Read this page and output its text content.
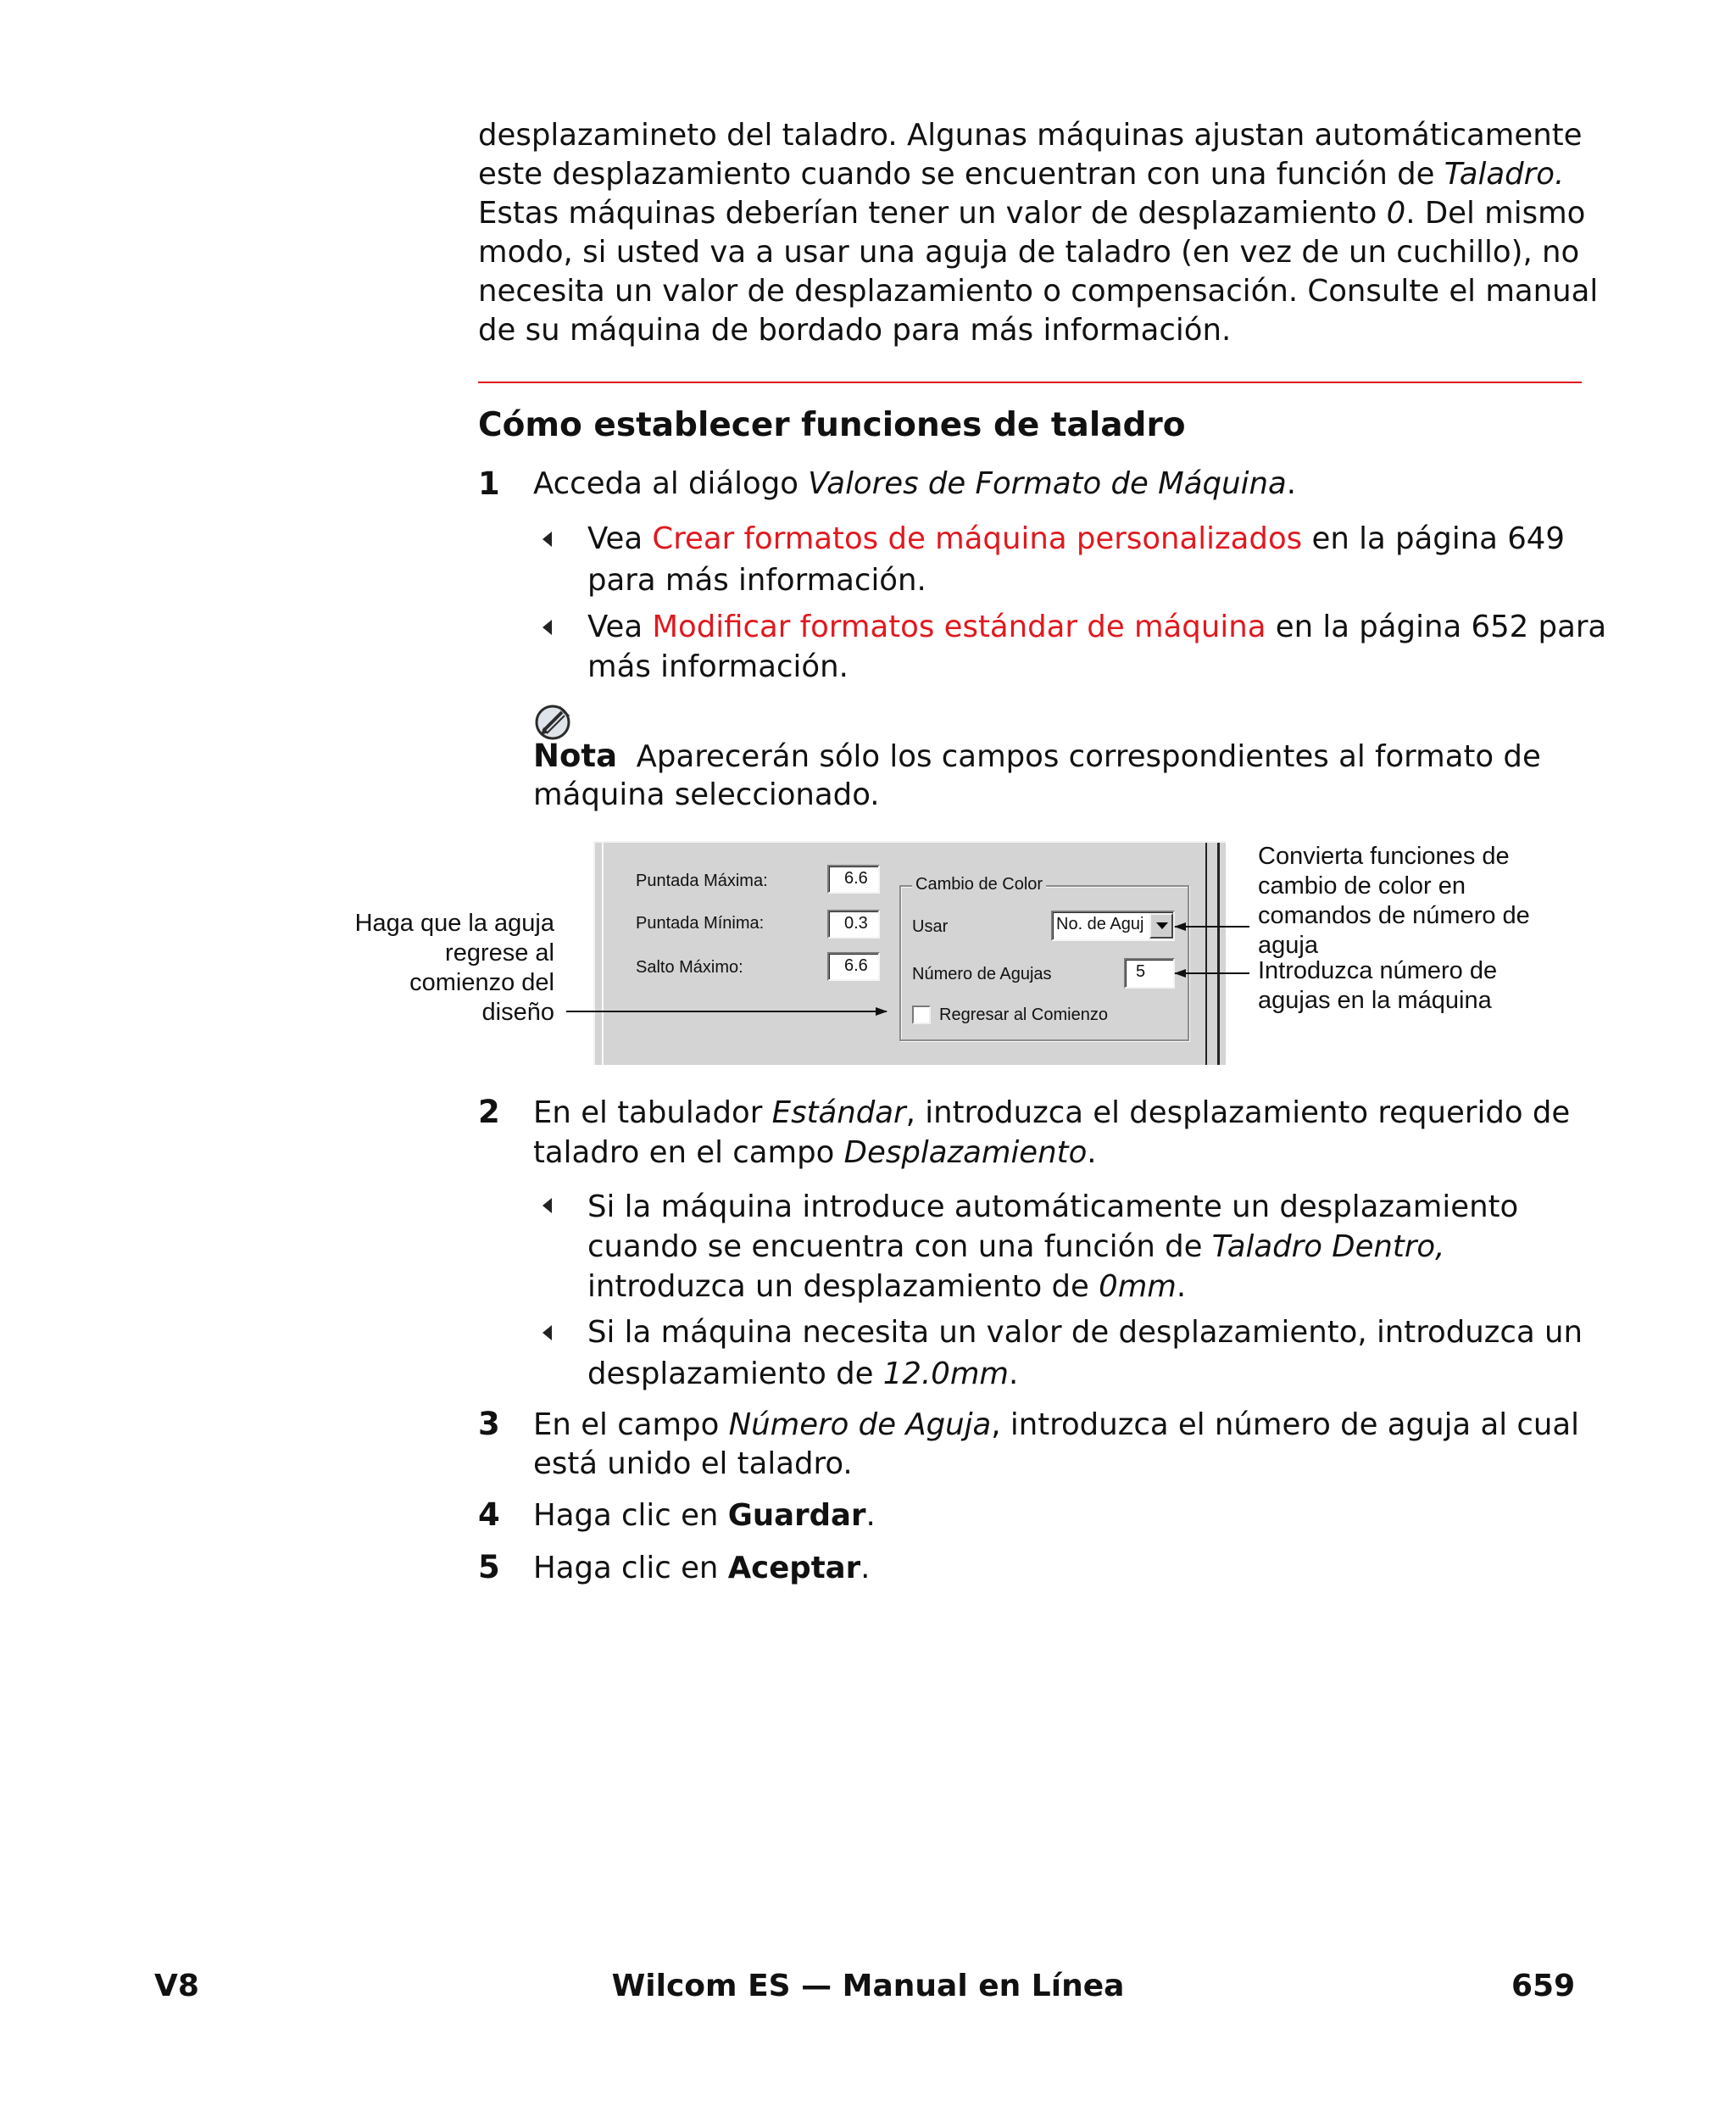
desplazamineto del taladro. Algunas máquinas ajustan automáticamente
este desplazamiento cuando se encuentran con una función de Taladro.
Estas máquinas deberían tener un valor de desplazamiento 0. Del mismo
modo, si usted va a usar una aguja de taladro (en vez de un cuchillo), no
necesita un valor de desplazamiento o compensación. Consulte el manual
de su máquina de bordado para más información.
Cómo establecer funciones de taladro
1 Acceda al diálogo Valores de Formato de Máquina.
Vea Crear formatos de máquina personalizados en la página 649
para más información.
Vea Modificar formatos estándar de máquina en la página 652 para
más información.
Nota Aparecerán sólo los campos correspondientes al formato de
máquina seleccionado.
Puntada Máxima:	6.6
Puntada Mínima:	0.3
Salto Máximo:	6.6
Cambio de Color
Usar	No. de Aguj
Número de Agujas	5
Regresar al Comienzo
Haga que la aguja
regrese al
comienzo del
diseño
Convierta funciones de
cambio de color en
comandos de número de
aguja
Introduzca número de
agujas en la máquina
2 En el tabulador Estándar, introduzca el desplazamiento requerido de
taladro en el campo Desplazamiento.
Si la máquina introduce automáticamente un desplazamiento
cuando se encuentra con una función de Taladro Dentro,
introduzca un desplazamiento de 0mm.
Si la máquina necesita un valor de desplazamiento, introduzca un
desplazamiento de 12.0mm.
3 En el campo Número de Aguja, introduzca el número de aguja al cual
está unido el taladro.
4 Haga clic en Guardar.
5 Haga clic en Aceptar.
V8	Wilcom ES — Manual en Línea	659
